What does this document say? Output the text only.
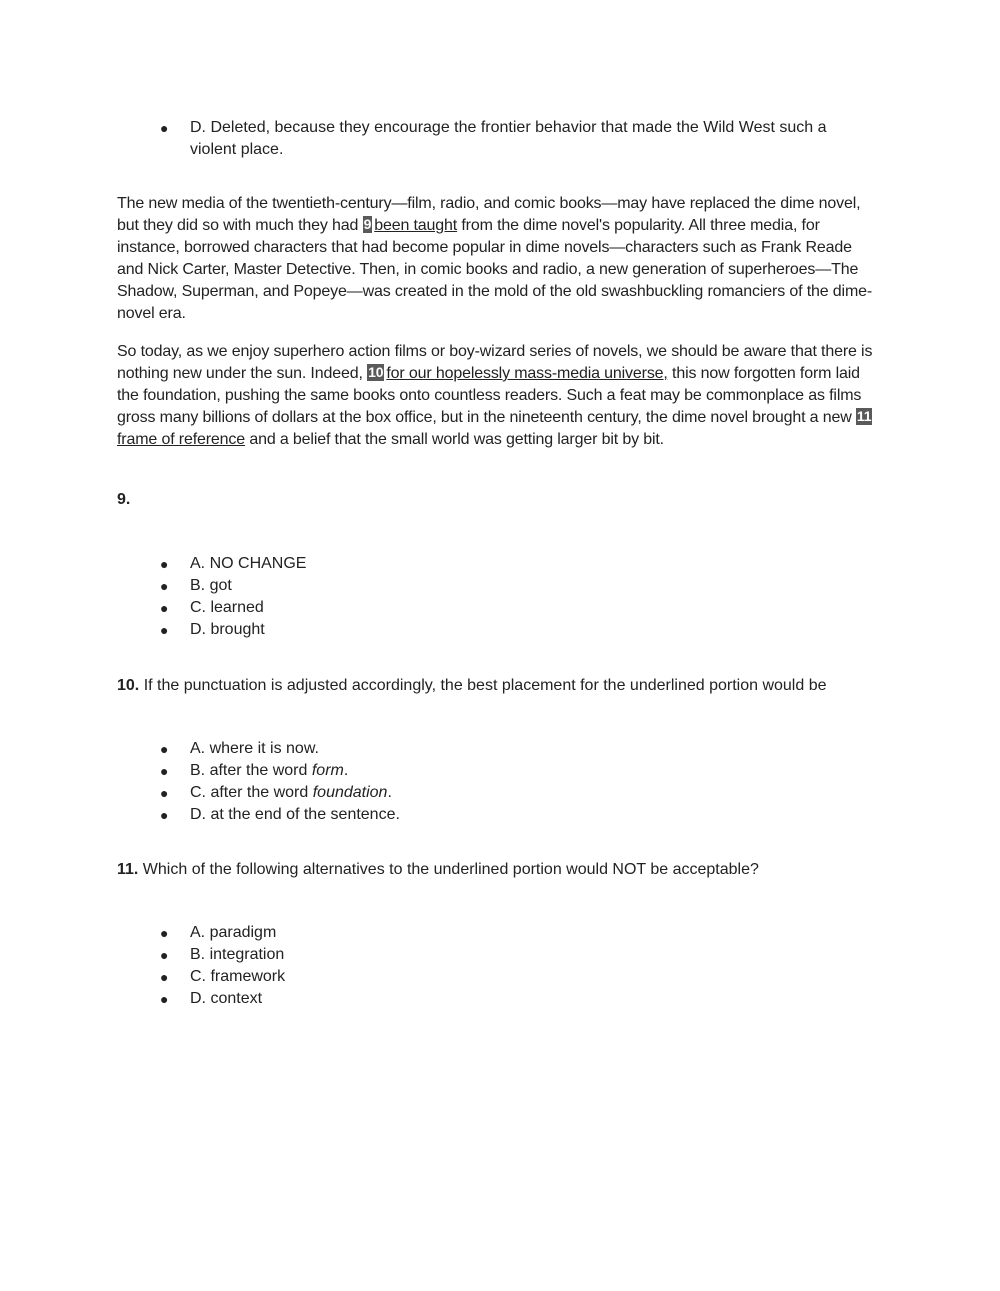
●	D. Deleted, because they encourage the frontier behavior that made the Wild West such a violent place.

The new media of the twentieth-century—film, radio, and comic books—may have replaced the dime novel, but they did so with much they had 9 been taught from the dime novel's popularity. All three media, for instance, borrowed characters that had become popular in dime novels—characters such as Frank Reade and Nick Carter, Master Detective. Then, in comic books and radio, a new generation of superheroes—The Shadow, Superman, and Popeye—was created in the mold of the old swashbuckling romanciers of the dime-novel era.

So today, as we enjoy superhero action films or boy-wizard series of novels, we should be aware that there is nothing new under the sun. Indeed, 10 for our hopelessly mass-media universe, this now forgotten form laid the foundation, pushing the same books onto countless readers. Such a feat may be commonplace as films gross many billions of dollars at the box office, but in the nineteenth century, the dime novel brought a new 11frame of reference and a belief that the small world was getting larger bit by bit.

9.

● A. NO CHANGE
● B. got
● C. learned
● D. brought

10. If the punctuation is adjusted accordingly, the best placement for the underlined portion would be

● A. where it is now.
● B. after the word form.
● C. after the word foundation.
● D. at the end of the sentence.

11. Which of the following alternatives to the underlined portion would NOT be acceptable?

● A. paradigm
● B. integration
● C. framework
● D. context
